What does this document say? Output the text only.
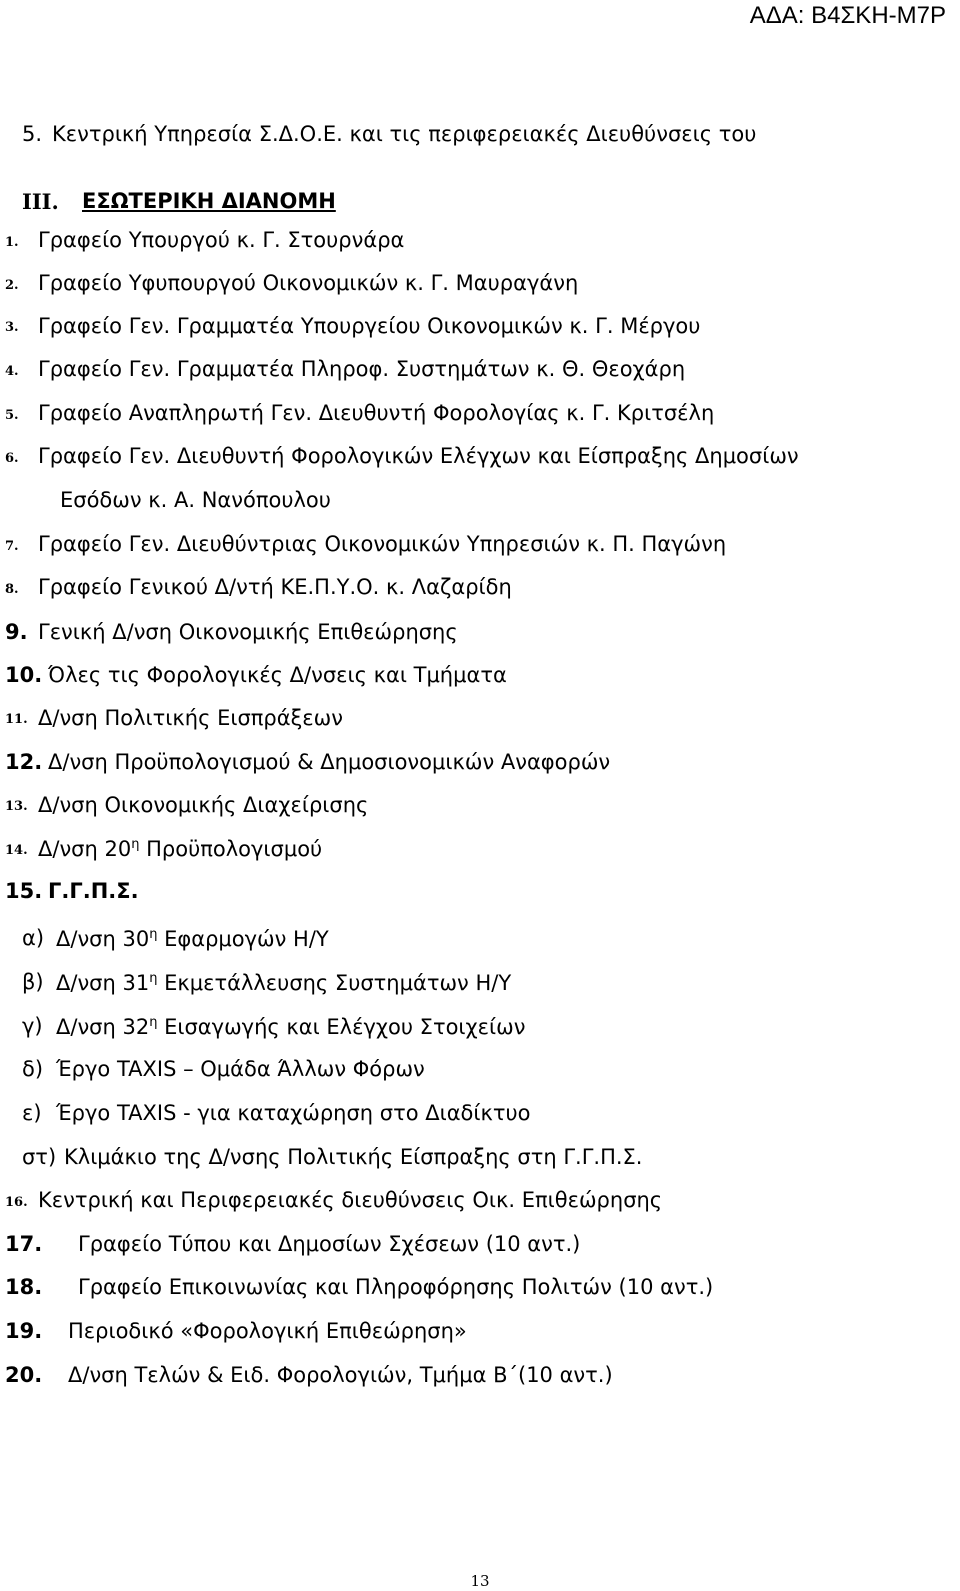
ΑΔΑ: Β4ΣΚΗ-Μ7Ρ
5. Κεντρική Υπηρεσία Σ.Δ.Ο.Ε. και τις περιφερειακές Διευθύνσεις του
ΙΙΙ. ΕΣΩΤΕΡΙΚΗ ΔΙΑΝΟΜΗ
1. Γραφείο Υπουργού κ. Γ. Στουρνάρα
2. Γραφείο Υφυπουργού Οικονομικών κ. Γ. Μαυραγάνη
3. Γραφείο Γεν. Γραμματέα Υπουργείου Οικονομικών κ. Γ. Μέργου
4. Γραφείο Γεν. Γραμματέα Πληροφ. Συστημάτων κ. Θ. Θεοχάρη
5. Γραφείο Αναπληρωτή Γεν. Διευθυντή Φορολογίας κ. Γ. Κριτσέλη
6. Γραφείο Γεν. Διευθυντή Φορολογικών Ελέγχων και Είσπραξης Δημοσίων
Εσόδων κ. Α. Νανόπουλου
7. Γραφείο Γεν. Διευθύντριας Οικονομικών Υπηρεσιών κ. Π. Παγώνη
8. Γραφείο Γενικού Δ/ντή ΚΕ.Π.Υ.Ο. κ. Λαζαρίδη
9. Γενική Δ/νση Οικονομικής Επιθεώρησης
10. Όλες τις Φορολογικές Δ/νσεις και Τμήματα
11. Δ/νση Πολιτικής Εισπράξεων
12. Δ/νση Προϋπολογισμού & Δημοσιονομικών Αναφορών
13. Δ/νση Οικονομικής Διαχείρισης
14. Δ/νση $20^\eta$ Προϋπολογισμού
15. Γ.Γ.Π.Σ.
α) Δ/νση $30^\eta$ Εφαρμογών Η/Υ
β) Δ/νση $31^\eta$ Εκμετάλλευσης Συστημάτων Η/Υ
γ) Δ/νση $32^\eta$ Εισαγωγής και Ελέγχου Στοιχείων
δ) Έργο TAXIS – Ομάδα Άλλων Φόρων
ε) Έργο TAXIS - για καταχώρηση στο Διαδίκτυο
στ) Κλιμάκιο της Δ/νσης Πολιτικής Είσπραξης στη Γ.Γ.Π.Σ.
16. Κεντρική και Περιφερειακές διευθύνσεις Οικ. Επιθεώρησης
17. Γραφείο Τύπου και Δημοσίων Σχέσεων (10 αντ.)
18. Γραφείο Επικοινωνίας και Πληροφόρησης Πολιτών (10 αντ.)
19. Περιοδικό «Φορολογική Επιθεώρηση»
20. Δ/νση Τελών & Ειδ. Φορολογιών, Τμήμα Β΄(10 αντ.)
13
